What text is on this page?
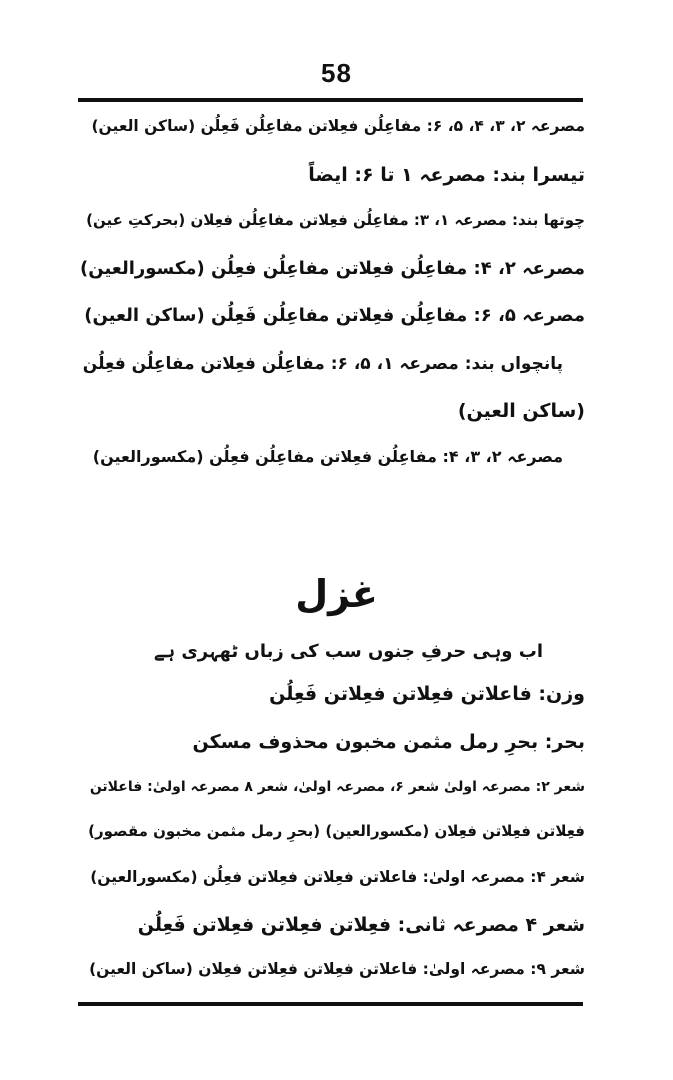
58
مصرعہ ۲، ۳، ۴، ۵، ۶: مفاعِلُن فعِلاتن مفاعِلُن فَعِلُن (ساکن العین)
تیسرا بند: مصرعہ ۱ تا ۶: ایضاً
چوتھا بند: مصرعہ ۱، ۳: مفاعِلُن فعِلاتن مفاعِلُن فعِلان (بحرکتِ عین)
مصرعہ ۲، ۴: مفاعِلُن فعِلاتن مفاعِلُن فعِلُن (مکسورالعین)
مصرعہ ۵، ۶: مفاعِلُن فعِلاتن مفاعِلُن فَعِلُن (ساکن العین)
پانچواں بند: مصرعہ ۱، ۵، ۶: مفاعِلُن فعِلاتن مفاعِلُن فعِلُن
(ساکن العین)
مصرعہ ۲، ۳، ۴: مفاعِلُن فعِلاتن مفاعِلُن فعِلُن (مکسورالعین)
غزل
اب وہی حرفِ جنوں سب کی زباں ٹھہری ہے
وزن: فاعلاتن فعِلاتن فعِلاتن فَعِلُن
بحر: بحرِ رمل مثمن مخبون محذوف مسکن
شعر ۲: مصرعہ اولیٰ شعر ۶، مصرعہ اولیٰ، شعر ۸ مصرعہ اولیٰ: فاعلاتن
فعِلاتن فعِلاتن فعِلان (مکسورالعین) (بحرِ رمل مثمن مخبون مقصور)
شعر ۴: مصرعہ اولیٰ: فاعلاتن فعِلاتن فعِلاتن فعِلُن (مکسورالعین)
شعر ۴ مصرعہ ثانی: فعِلاتن فعِلاتن فعِلاتن فَعِلُن
شعر ۹: مصرعہ اولیٰ: فاعلاتن فعِلاتن فعِلاتن فعِلان (ساکن العین)
